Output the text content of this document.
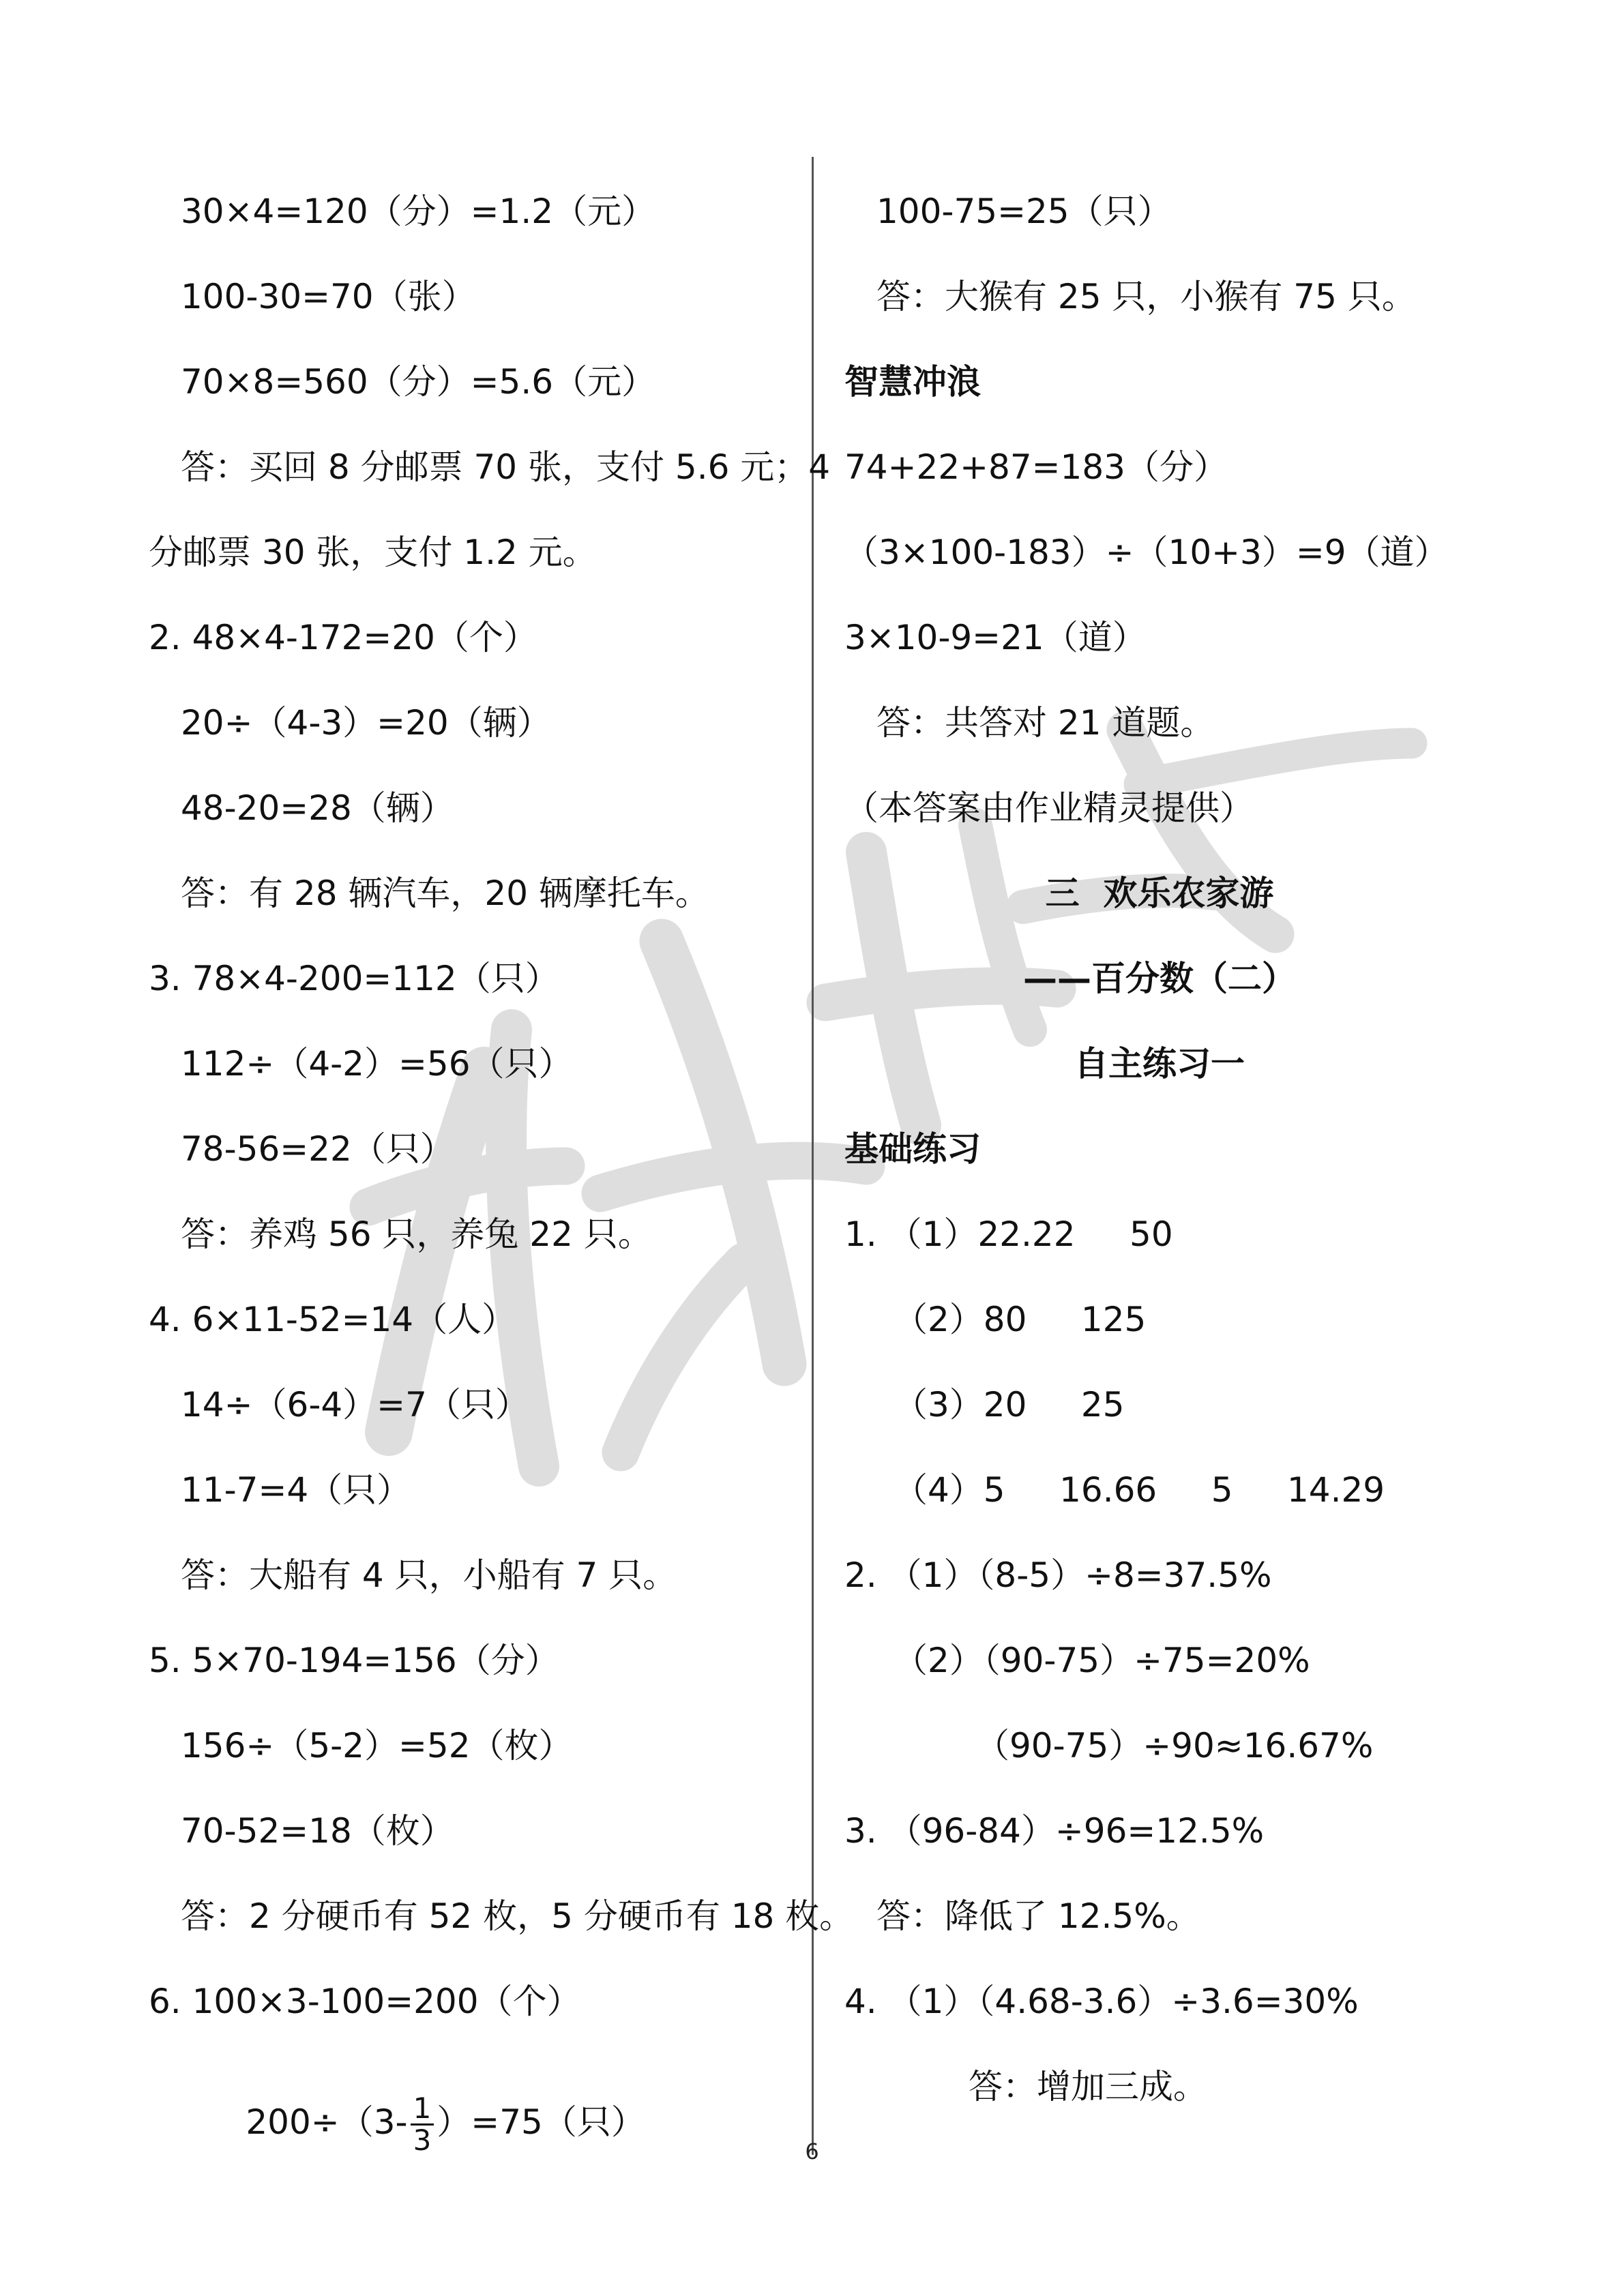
30×4=120（分）=1.2（元）
100-30=70（张）
70×8=560（分）=5.6（元）
答：买回 8 分邮票 70 张，支付 5.6 元；4
分邮票 30 张，支付 1.2 元。
2. 48×4-172=20（个）
20÷（4-3）=20（辆）
48-20=28（辆）
答：有 28 辆汽车，20 辆摩托车。
3. 78×4-200=112（只）
112÷（4-2）=56（只）
78-56=22（只）
答：养鸡 56 只，养兔 22 只。
4. 6×11-52=14（人）
14÷（6-4）=7（只）
11-7=4（只）
答：大船有 4 只，小船有 7 只。
5. 5×70-194=156（分）
156÷（5-2）=52（枚）
70-52=18（枚）
答：2 分硬币有 52 枚，5 分硬币有 18 枚。
6. 100×3-100=200（个）

$200\div(3- \frac{1}{3} )=75$（只）

100-75=25（只）
答：大猴有 25 只，小猴有 75 只。
智慧冲浪
74+22+87=183（分）
（3×100-183）÷（10+3）=9（道）
3×10-9=21（道）
答：共答对 21 道题。
（本答案由作业精灵提供）
三  欢乐农家游
——百分数（二）
自主练习一
基础练习
1. （1）22.22     50
（2）80     125
（3）20     25
（4）5     16.66     5     14.29
2. （1）（8-5）÷8=37.5%
（2）（90-75）÷75=20%
（90-75）÷90≈16.67%
3. （96-84）÷96=12.5%
答：降低了 12.5%。
4. （1）（4.68-3.6）÷3.6=30%
答：增加三成。
6
